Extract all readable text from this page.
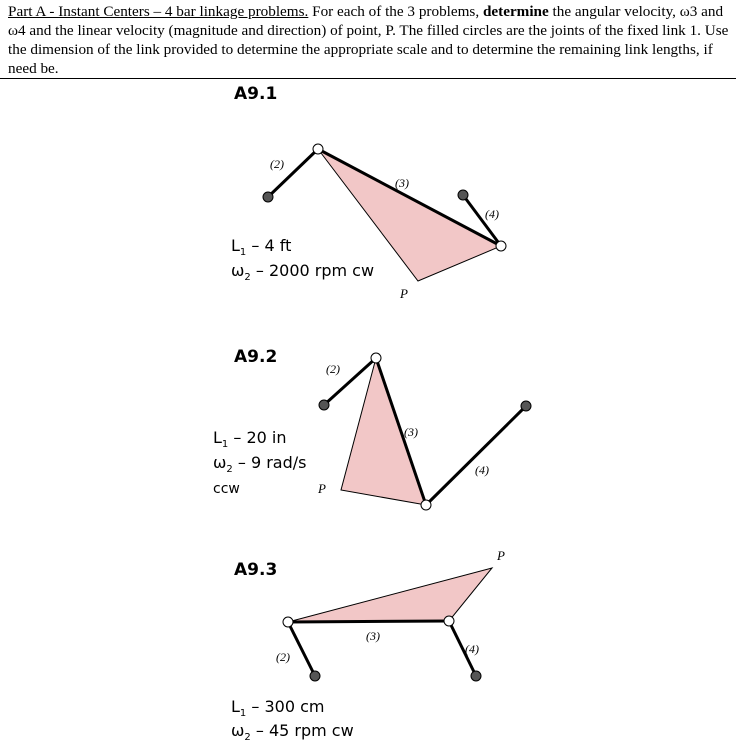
Part A - Instant Centers – 4 bar linkage problems. For each of the 3 problems, determine the angular velocity, ω3 and ω4 and the linear velocity (magnitude and direction) of point, P. The filled circles are the joints of the fixed link 1. Use the dimension of the link provided to determine the appropriate scale and to determine the remaining link lengths, if need be.
A9.1
(2)
(3)
(4)
P
$L_1 - 4$ ft
$\omega_2 - 2000$ rpm cw
A9.2
(2)
(3)
(4)
P
$L_1 - 20$ in
$\omega_2 - 9$ rad/s
ccw
A9.3
P
(3)
(2)
(4)
$L_1 - 300$ cm
$\omega_2 - 45$ rpm cw
